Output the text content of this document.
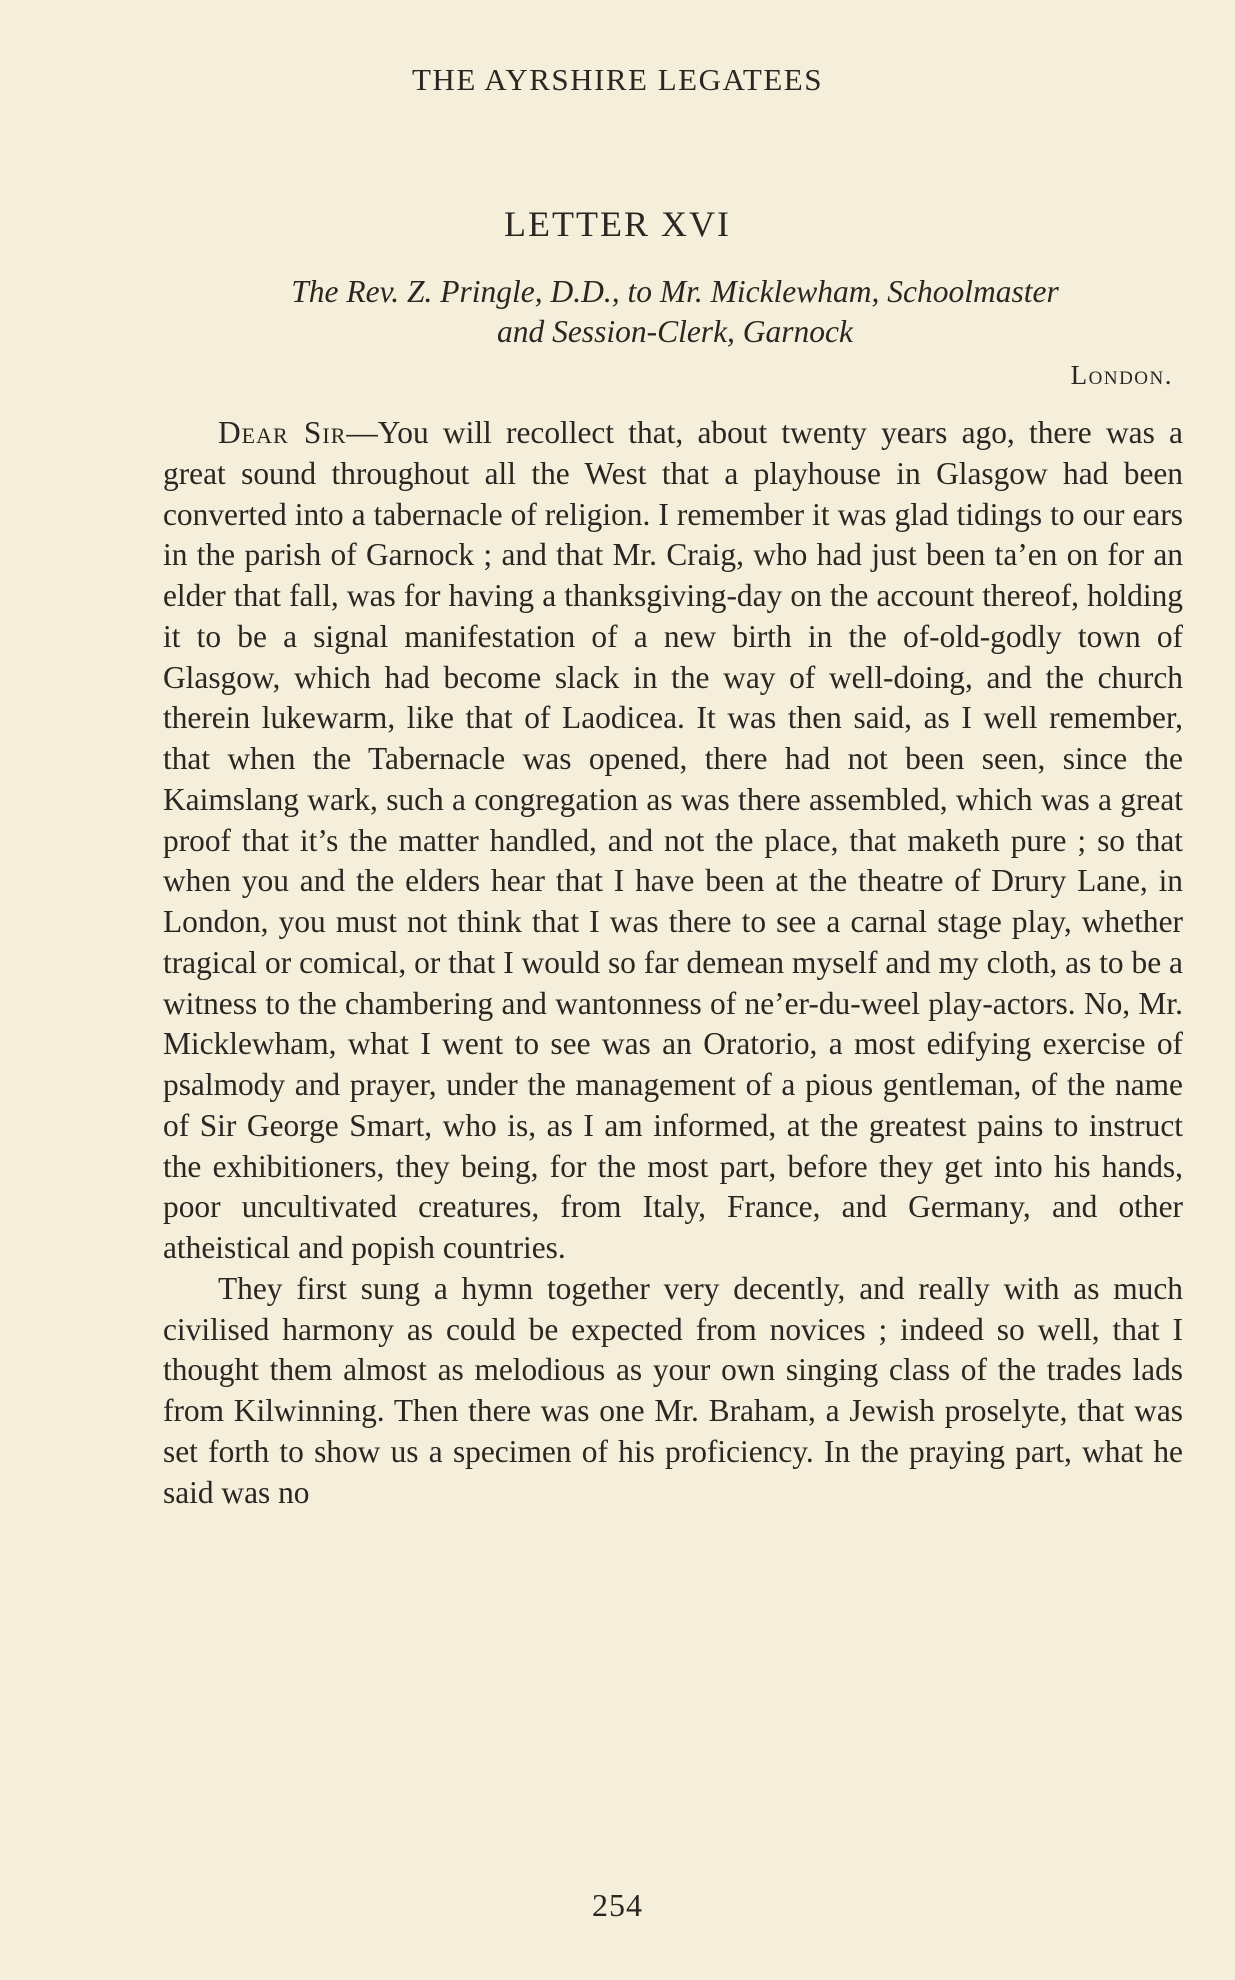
THE AYRSHIRE LEGATEES
LETTER XVI
The Rev. Z. Pringle, D.D., to Mr. Micklewham, Schoolmaster
and Session-Clerk, Garnock
London.

Dear Sir—You will recollect that, about twenty years ago, there was a great sound throughout all the West that a playhouse in Glasgow had been converted into a tabernacle of religion. I remember it was glad tidings to our ears in the parish of Garnock ; and that Mr. Craig, who had just been ta’en on for an elder that fall, was for having a thanksgiving-day on the account thereof, holding it to be a signal manifestation of a new birth in the of-old-godly town of Glasgow, which had become slack in the way of well-doing, and the church therein lukewarm, like that of Laodicea. It was then said, as I well remember, that when the Tabernacle was opened, there had not been seen, since the Kaimslang wark, such a congregation as was there assembled, which was a great proof that it’s the matter handled, and not the place, that maketh pure ; so that when you and the elders hear that I have been at the theatre of Drury Lane, in London, you must not think that I was there to see a carnal stage play, whether tragical or comical, or that I would so far demean myself and my cloth, as to be a witness to the chambering and wantonness of ne’er-du-weel play-actors. No, Mr. Micklewham, what I went to see was an Oratorio, a most edifying exercise of psalmody and prayer, under the management of a pious gentleman, of the name of Sir George Smart, who is, as I am informed, at the greatest pains to instruct the exhibitioners, they being, for the most part, before they get into his hands, poor uncultivated creatures, from Italy, France, and Germany, and other atheistical and popish countries.

They first sung a hymn together very decently, and really with as much civilised harmony as could be expected from novices ; indeed so well, that I thought them almost as melodious as your own singing class of the trades lads from Kilwinning. Then there was one Mr. Braham, a Jewish proselyte, that was set forth to show us a specimen of his proficiency. In the praying part, what he said was no

254
